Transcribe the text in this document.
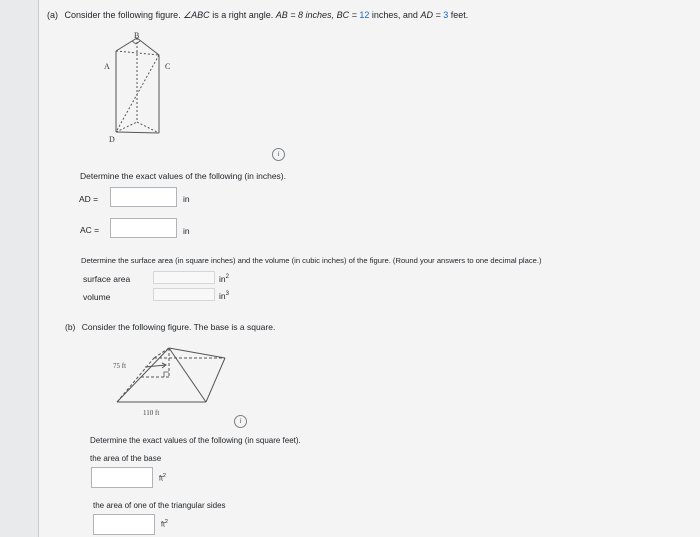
(a) Consider the following figure. ∠ABC is a right angle. AB = 8 inches, BC = 12 inches, and AD = 3 feet.
B
A	C
D
i
Determine the exact values of the following (in inches).
AD =	in
AC =	in
Determine the surface area (in square inches) and the volume (in cubic inches) of the figure. (Round your answers to one decimal place.)
surface area	$in^2$
volume	$in^3$
(b) Consider the following figure. The base is a square.
75 ft
110 ft
i
Determine the exact values of the following (in square feet).
the area of the base
$ft^2$
the area of one of the triangular sides
$ft^2$
